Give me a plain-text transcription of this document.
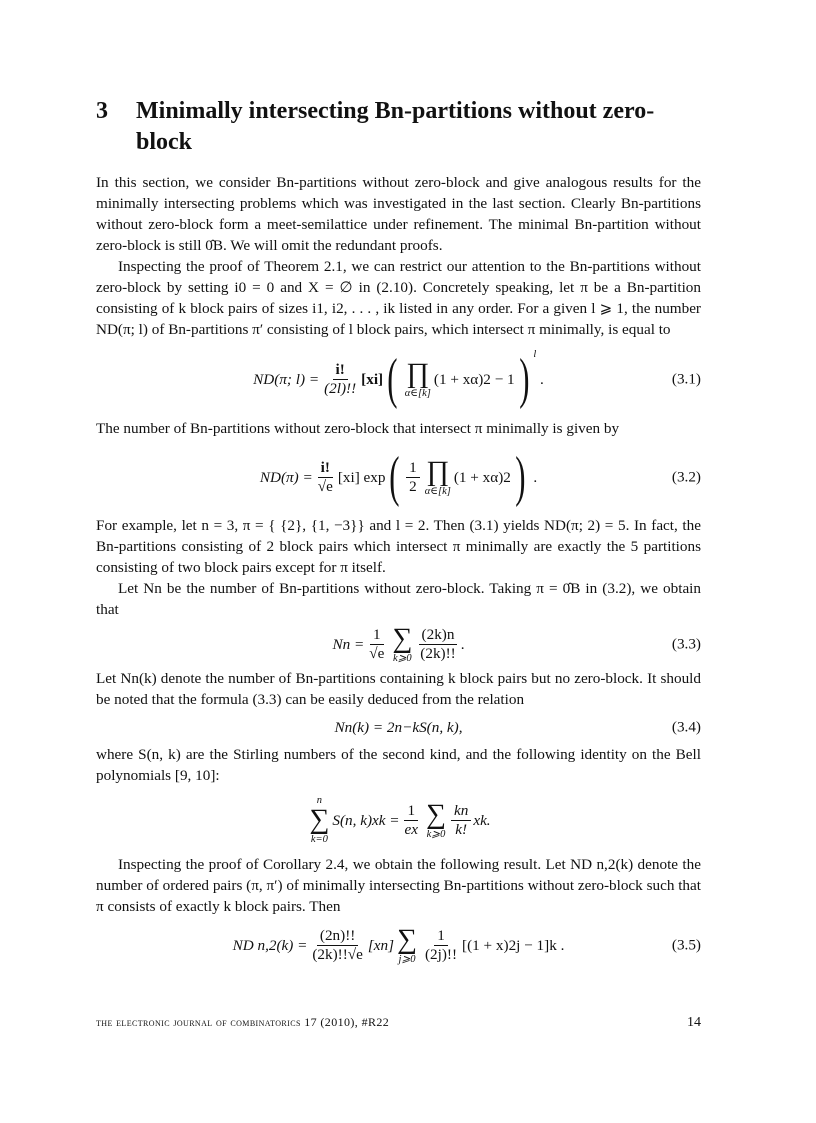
3 Minimally intersecting Bn-partitions without zero-
block

In this section, we consider Bn-partitions without zero-block and give analogous results for the minimally intersecting problems which was investigated in the last section. Clearly Bn-partitions without zero-block form a meet-semilattice under refinement. The minimal Bn-partition without zero-block is still 0̂B. We will omit the redundant proofs.

Inspecting the proof of Theorem 2.1, we can restrict our attention to the Bn-partitions without zero-block by setting i0 = 0 and X = ∅ in (2.10). Concretely speaking, let π be a Bn-partition consisting of k block pairs of sizes i1, i2, . . . , ik listed in any order. For a given l ⩾ 1, the number ND(π; l) of Bn-partitions π′ consisting of l block pairs, which intersect π minimally, is equal to

ND(π; $l) = \frac{i!}{(2l)!!} [xi]$ ( ∏
α∈[k]
(1 + xα)2 − 1 ) $^l$
.	(3.1)

The number of Bn-partitions without zero-block that intersect π minimally is given by

$ND(\pi) = \frac{i!}{√e} [xi]$ exp ( $\frac{1}{2}$ ∏
α∈[k]
(1 + xα)2 ) .	(3.2)

For example, let n = 3, π = { {2}, {1, −3}} and l = 2. Then (3.1) yields ND(π; 2) = 5. In fact, the Bn-partitions consisting of 2 block pairs which intersect π minimally are exactly the 5 partitions consisting of two block pairs except for π itself.

Let Nn be the number of Bn-partitions without zero-block. Taking π = 0̂B in (3.2), we obtain that

$Nn = \frac{1}{√e}$ ∑
k⩾0 $\frac{(2k)n}{(2k)!!}$ .	(3.3)

Let Nn(k) denote the number of Bn-partitions containing k block pairs but no zero-block. It should be noted that the formula (3.3) can be easily deduced from the relation

Nn(k) = 2n−kS(n, k),	(3.4)

where S(n, k) are the Stirling numbers of the second kind, and the following identity on the Bell polynomials [9, 10]:

n
∑
k=0
S(n, $k)xk = \frac{1}{ex}$ ∑
k⩾0 $\frac{kn}{k!}$ xk.

Inspecting the proof of Corollary 2.4, we obtain the following result. Let ND n,2(k) denote the number of ordered pairs (π, π′) of minimally intersecting Bn-partitions without zero-block such that π consists of exactly k block pairs. Then

ND $n,2(k) = \frac{(2n)!!}{(2k)!!√e} [xn]$ ∑
j⩾0 $\frac{1}{(2j)!!} [(1 + x)2j - 1]k$ .	(3.5)
the electronic journal of combinatorics 17 (2010), #R22	14
